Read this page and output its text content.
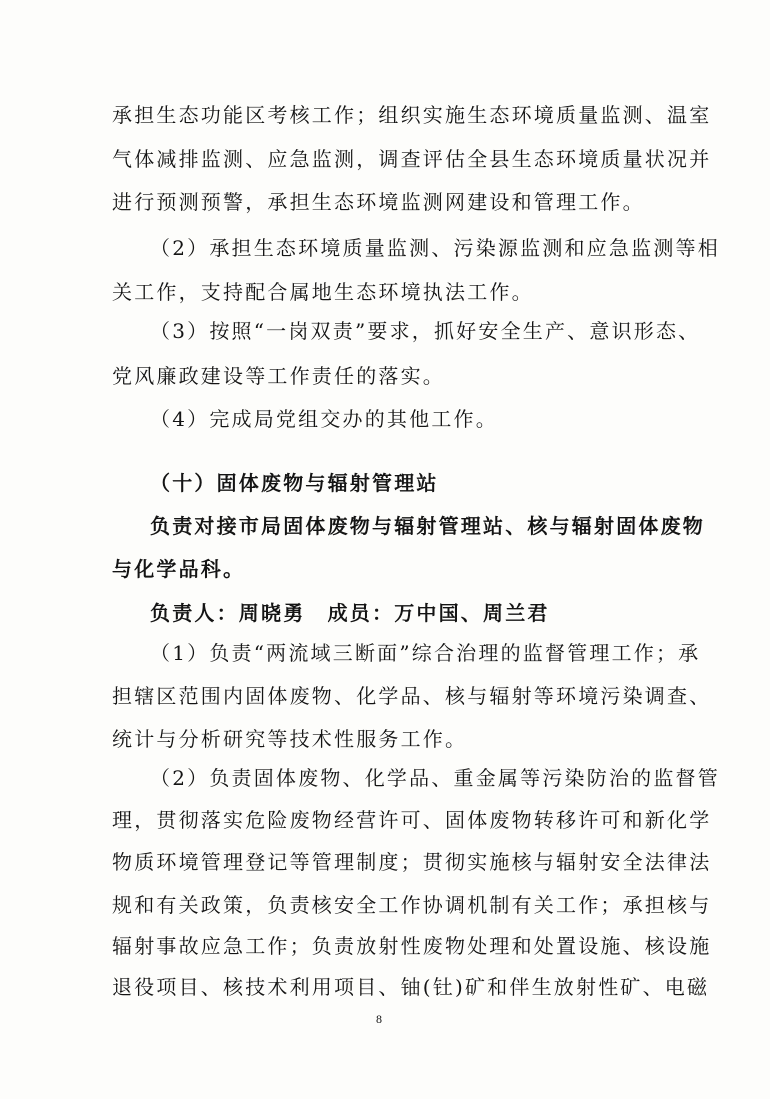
承担生态功能区考核工作；组织实施生态环境质量监测、温室
气体减排监测、应急监测，调查评估全县生态环境质量状况并
进行预测预警，承担生态环境监测网建设和管理工作。
（2）承担生态环境质量监测、污染源监测和应急监测等相
关工作，支持配合属地生态环境执法工作。
（3）按照“一岗双责”要求，抓好安全生产、意识形态、
党风廉政建设等工作责任的落实。
（4）完成局党组交办的其他工作。
（十）固体废物与辐射管理站
负责对接市局固体废物与辐射管理站、核与辐射固体废物
与化学品科。
负责人：周晓勇　成员：万中国、周兰君
（1）负责“两流域三断面”综合治理的监督管理工作；承
担辖区范围内固体废物、化学品、核与辐射等环境污染调查、
统计与分析研究等技术性服务工作。
（2）负责固体废物、化学品、重金属等污染防治的监督管
理，贯彻落实危险废物经营许可、固体废物转移许可和新化学
物质环境管理登记等管理制度；贯彻实施核与辐射安全法律法
规和有关政策，负责核安全工作协调机制有关工作；承担核与
辐射事故应急工作；负责放射性废物处理和处置设施、核设施
退役项目、核技术利用项目、铀(钍)矿和伴生放射性矿、电磁
8
